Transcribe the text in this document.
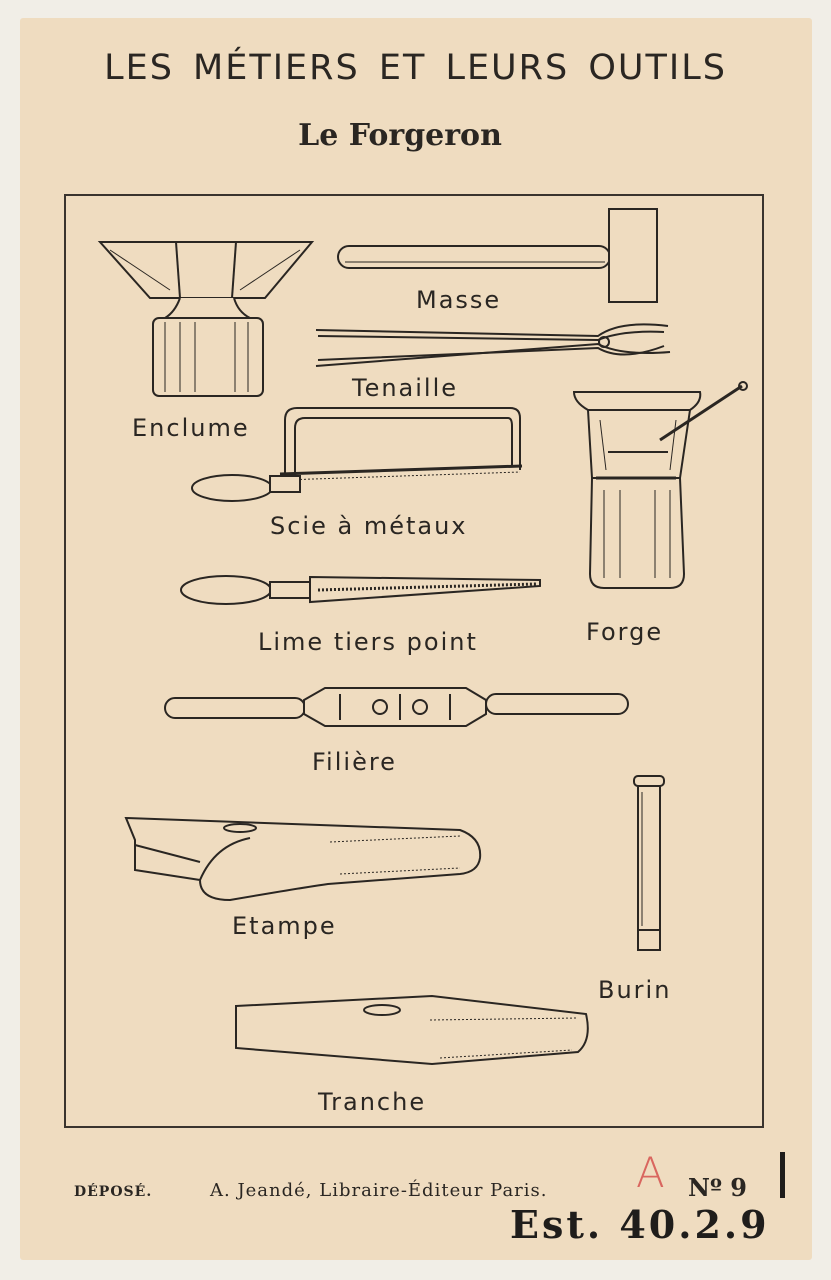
LES MÉTIERS ET LEURS OUTILS
Le Forgeron
Enclume
Masse
Tenaille
Scie à métaux
Forge
Lime tiers point
Filière
Etampe
Burin
Tranche
DÉPOSÉ.	A. Jeandé, Libraire-Éditeur Paris.	Nº 9
A
Est. 40.2.9
